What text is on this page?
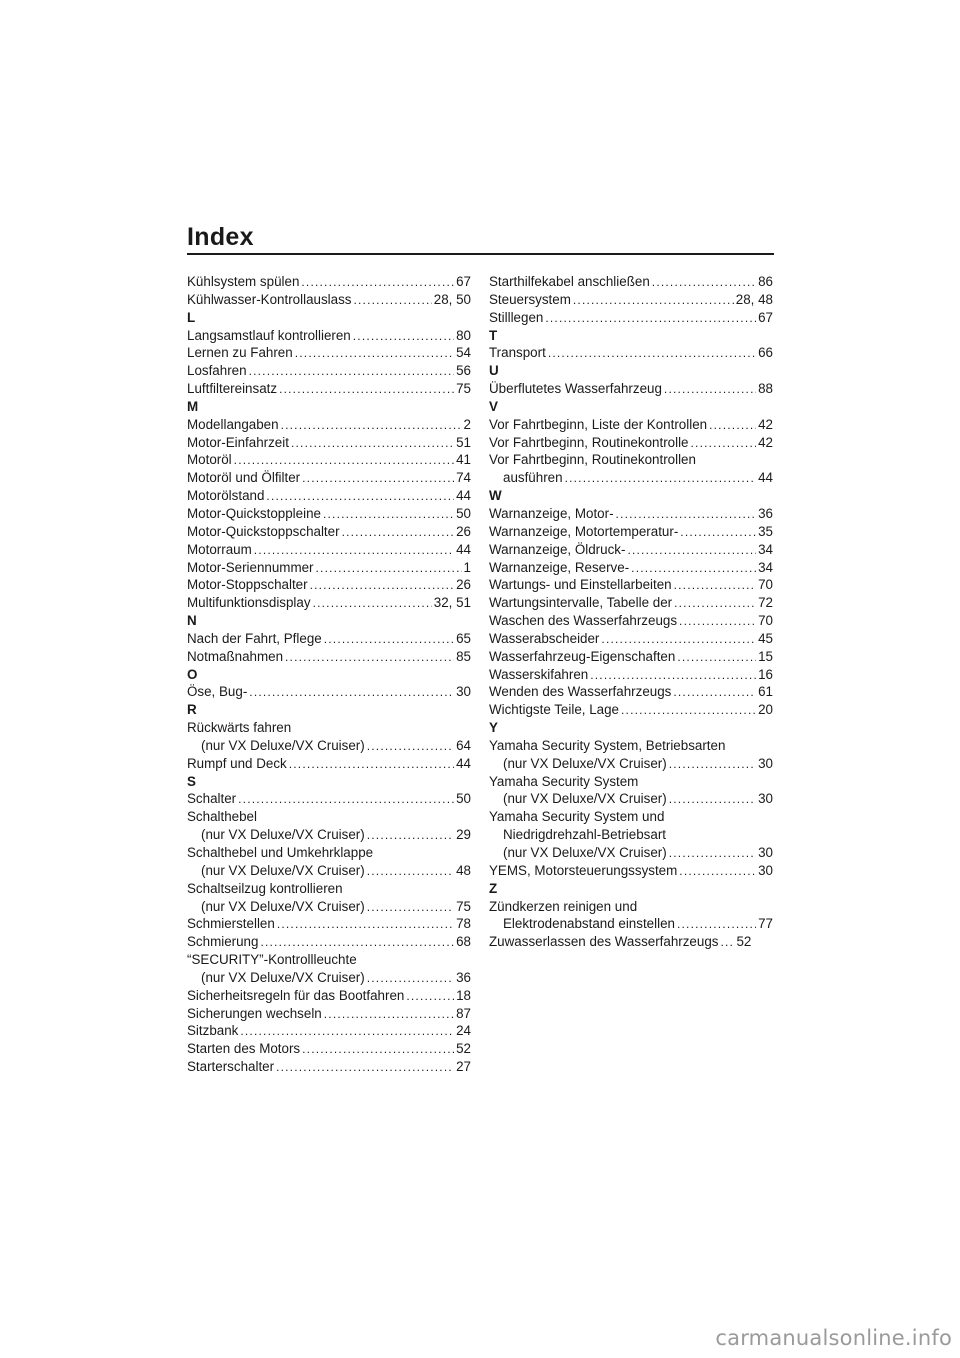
Index
Kühlsystem spülen .....	67
Kühlwasser-Kontrollauslass .....	28, 50
L
Langsamstlauf kontrollieren .....	80
Lernen zu Fahren .....	54
Losfahren .....	56
Luftfiltereinsatz .....	75
M
Modellangaben .....	2
Motor-Einfahrzeit .....	51
Motoröl .....	41
Motoröl und Ölfilter .....	74
Motorölstand .....	44
Motor-Quickstoppleine .....	50
Motor-Quickstoppschalter .....	26
Motorraum .....	44
Motor-Seriennummer .....	1
Motor-Stoppschalter .....	26
Multifunktionsdisplay .....	32, 51
N
Nach der Fahrt, Pflege .....	65
Notmaßnahmen .....	85
O
Öse, Bug- .....	30
R
Rückwärts fahren
(nur VX Deluxe/VX Cruiser) .....	64
Rumpf und Deck .....	44
S
Schalter .....	50
Schalthebel
(nur VX Deluxe/VX Cruiser) .....	29
Schalthebel und Umkehrklappe
(nur VX Deluxe/VX Cruiser) .....	48
Schaltseilzug kontrollieren
(nur VX Deluxe/VX Cruiser) .....	75
Schmierstellen .....	78
Schmierung .....	68
“SECURITY”-Kontrollleuchte
(nur VX Deluxe/VX Cruiser) .....	36
Sicherheitsregeln für das Bootfahren .....	18
Sicherungen wechseln .....	87
Sitzbank .....	24
Starten des Motors .....	52
Starterschalter .....	27
Starthilfekabel anschließen .....	86
Steuersystem .....	28, 48
Stilllegen .....	67
T
Transport .....	66
U
Überflutetes Wasserfahrzeug .....	88
V
Vor Fahrtbeginn, Liste der Kontrollen .....	42
Vor Fahrtbeginn, Routinekontrolle .....	42
Vor Fahrtbeginn, Routinekontrollen
ausführen .....	44
W
Warnanzeige, Motor- .....	36
Warnanzeige, Motortemperatur- .....	35
Warnanzeige, Öldruck- .....	34
Warnanzeige, Reserve- .....	34
Wartungs- und Einstellarbeiten .....	70
Wartungsintervalle, Tabelle der .....	72
Waschen des Wasserfahrzeugs .....	70
Wasserabscheider .....	45
Wasserfahrzeug-Eigenschaften .....	15
Wasserskifahren .....	16
Wenden des Wasserfahrzeugs .....	61
Wichtigste Teile, Lage .....	20
Y
Yamaha Security System, Betriebsarten
(nur VX Deluxe/VX Cruiser) .....	30
Yamaha Security System
(nur VX Deluxe/VX Cruiser) .....	30
Yamaha Security System und
Niedrigdrehzahl-Betriebsart
(nur VX Deluxe/VX Cruiser) .....	30
YEMS, Motorsteuerungssystem .....	30
Z
Zündkerzen reinigen und
Elektrodenabstand einstellen .....	77
Zuwasserlassen des Wasserfahrzeugs ..... 52
carmanualsonline.info
